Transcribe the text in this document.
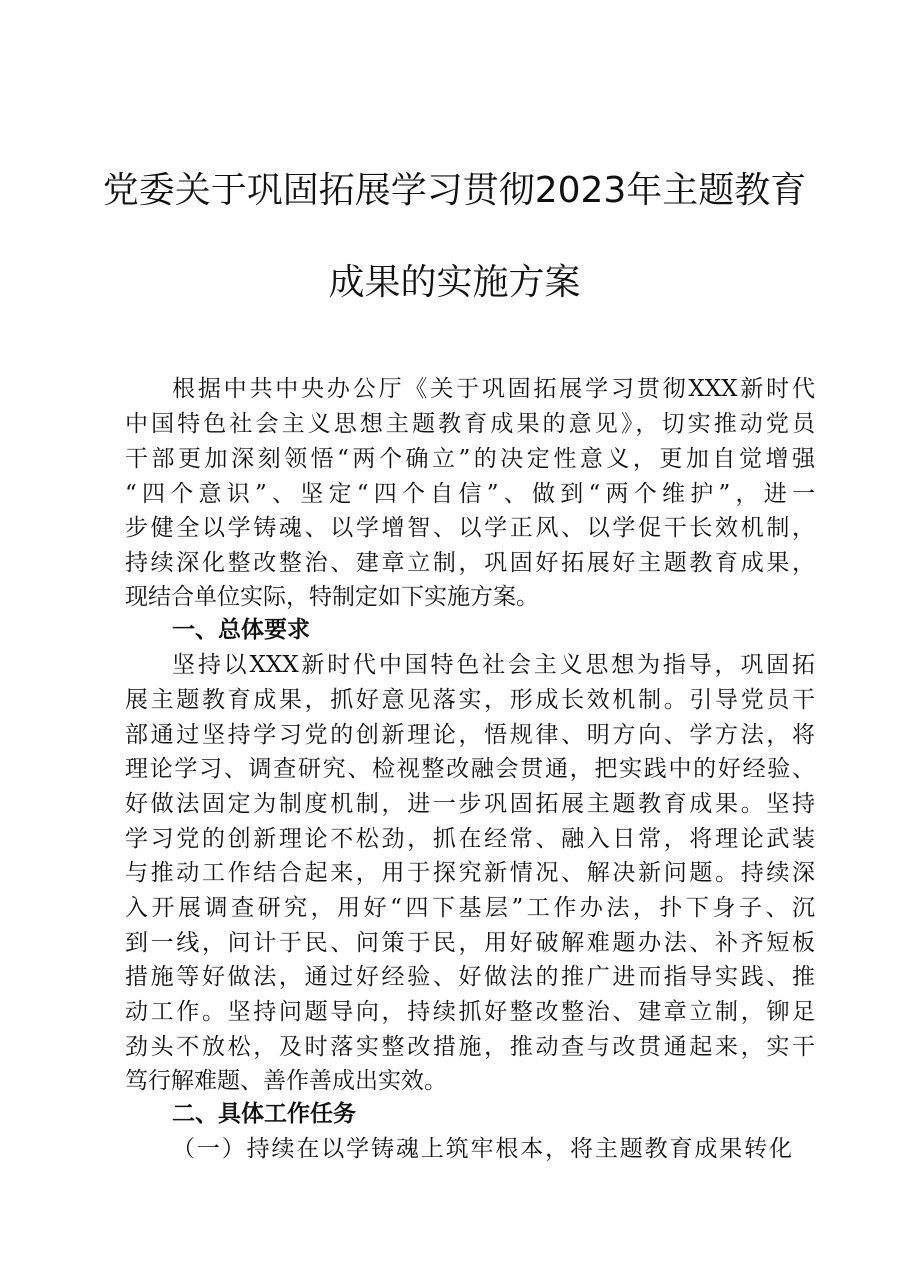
党委关于巩固拓展学习贯彻2023年主题教育
成果的实施方案
根据中共中央办公厅《关于巩固拓展学习贯彻XXX新时代
中国特色社会主义思想主题教育成果的意见》，切实推动党员
干部更加深刻领悟“两个确立”的决定性意义，更加自觉增强
“四个意识”、坚定“四个自信”、做到“两个维护”，进一
步健全以学铸魂、以学增智、以学正风、以学促干长效机制，
持续深化整改整治、建章立制，巩固好拓展好主题教育成果，
现结合单位实际，特制定如下实施方案。
一、总体要求
坚持以XXX新时代中国特色社会主义思想为指导，巩固拓
展主题教育成果，抓好意见落实，形成长效机制。引导党员干
部通过坚持学习党的创新理论，悟规律、明方向、学方法，将
理论学习、调查研究、检视整改融会贯通，把实践中的好经验、
好做法固定为制度机制，进一步巩固拓展主题教育成果。坚持
学习党的创新理论不松劲，抓在经常、融入日常，将理论武装
与推动工作结合起来，用于探究新情况、解决新问题。持续深
入开展调查研究，用好“四下基层”工作办法，扑下身子、沉
到一线，问计于民、问策于民，用好破解难题办法、补齐短板
措施等好做法，通过好经验、好做法的推广进而指导实践、推
动工作。坚持问题导向，持续抓好整改整治、建章立制，铆足
劲头不放松，及时落实整改措施，推动查与改贯通起来，实干
笃行解难题、善作善成出实效。
二、具体工作任务
（一）持续在以学铸魂上筑牢根本，将主题教育成果转化
